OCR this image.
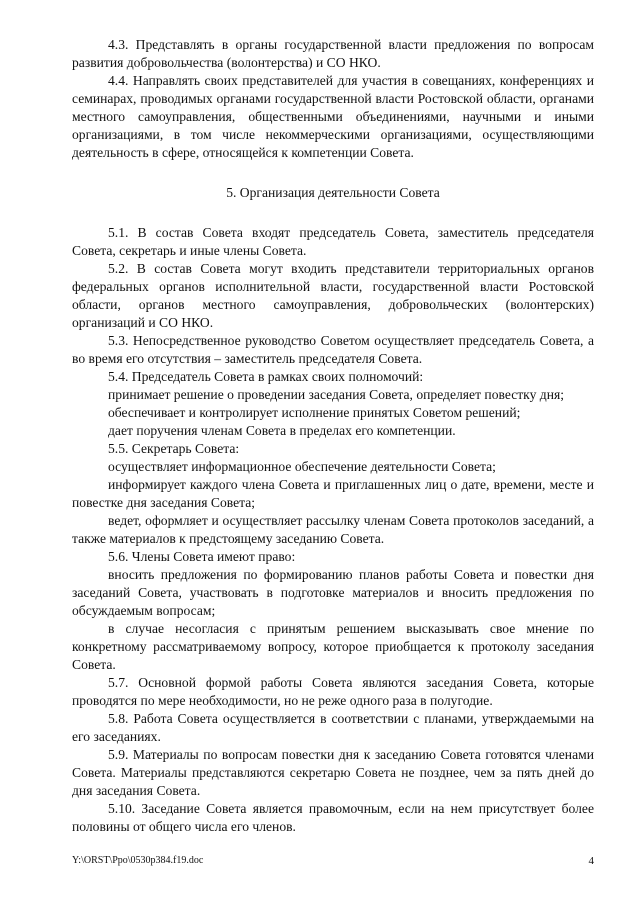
4.3. Представлять в органы государственной власти предложения по вопросам развития добровольчества (волонтерства) и СО НКО.

4.4. Направлять своих представителей для участия в совещаниях, конференциях и семинарах, проводимых органами государственной власти Ростовской области, органами местного самоуправления, общественными объединениями, научными и иными организациями, в том числе некоммерческими организациями, осуществляющими деятельность в сфере, относящейся к компетенции Совета.

5. Организация деятельности Совета

5.1. В состав Совета входят председатель Совета, заместитель председателя Совета, секретарь и иные члены Совета.

5.2. В состав Совета могут входить представители территориальных органов федеральных органов исполнительной власти, государственной власти Ростовской области, органов местного самоуправления, добровольческих (волонтерских) организаций и СО НКО.

5.3. Непосредственное руководство Советом осуществляет председатель Совета, а во время его отсутствия – заместитель председателя Совета.

5.4. Председатель Совета в рамках своих полномочий:

принимает решение о проведении заседания Совета, определяет повестку дня;

обеспечивает и контролирует исполнение принятых Советом решений;

дает поручения членам Совета в пределах его компетенции.

5.5. Секретарь Совета:

осуществляет информационное обеспечение деятельности Совета;

информирует каждого члена Совета и приглашенных лиц о дате, времени, месте и повестке дня заседания Совета;

ведет, оформляет и осуществляет рассылку членам Совета протоколов заседаний, а также материалов к предстоящему заседанию Совета.

5.6. Члены Совета имеют право:

вносить предложения по формированию планов работы Совета и повестки дня заседаний Совета, участвовать в подготовке материалов и вносить предложения по обсуждаемым вопросам;

в случае несогласия с принятым решением высказывать свое мнение по конкретному рассматриваемому вопросу, которое приобщается к протоколу заседания Совета.

5.7. Основной формой работы Совета являются заседания Совета, которые проводятся по мере необходимости, но не реже одного раза в полугодие.

5.8. Работа Совета осуществляется в соответствии с планами, утверждаемыми на его заседаниях.

5.9. Материалы по вопросам повестки дня к заседанию Совета готовятся членами Совета. Материалы представляются секретарю Совета не позднее, чем за пять дней до дня заседания Совета.

5.10. Заседание Совета является правомочным, если на нем присутствует более половины от общего числа его членов.

Y:\ORST\Ppo\0530p384.f19.doc	4
